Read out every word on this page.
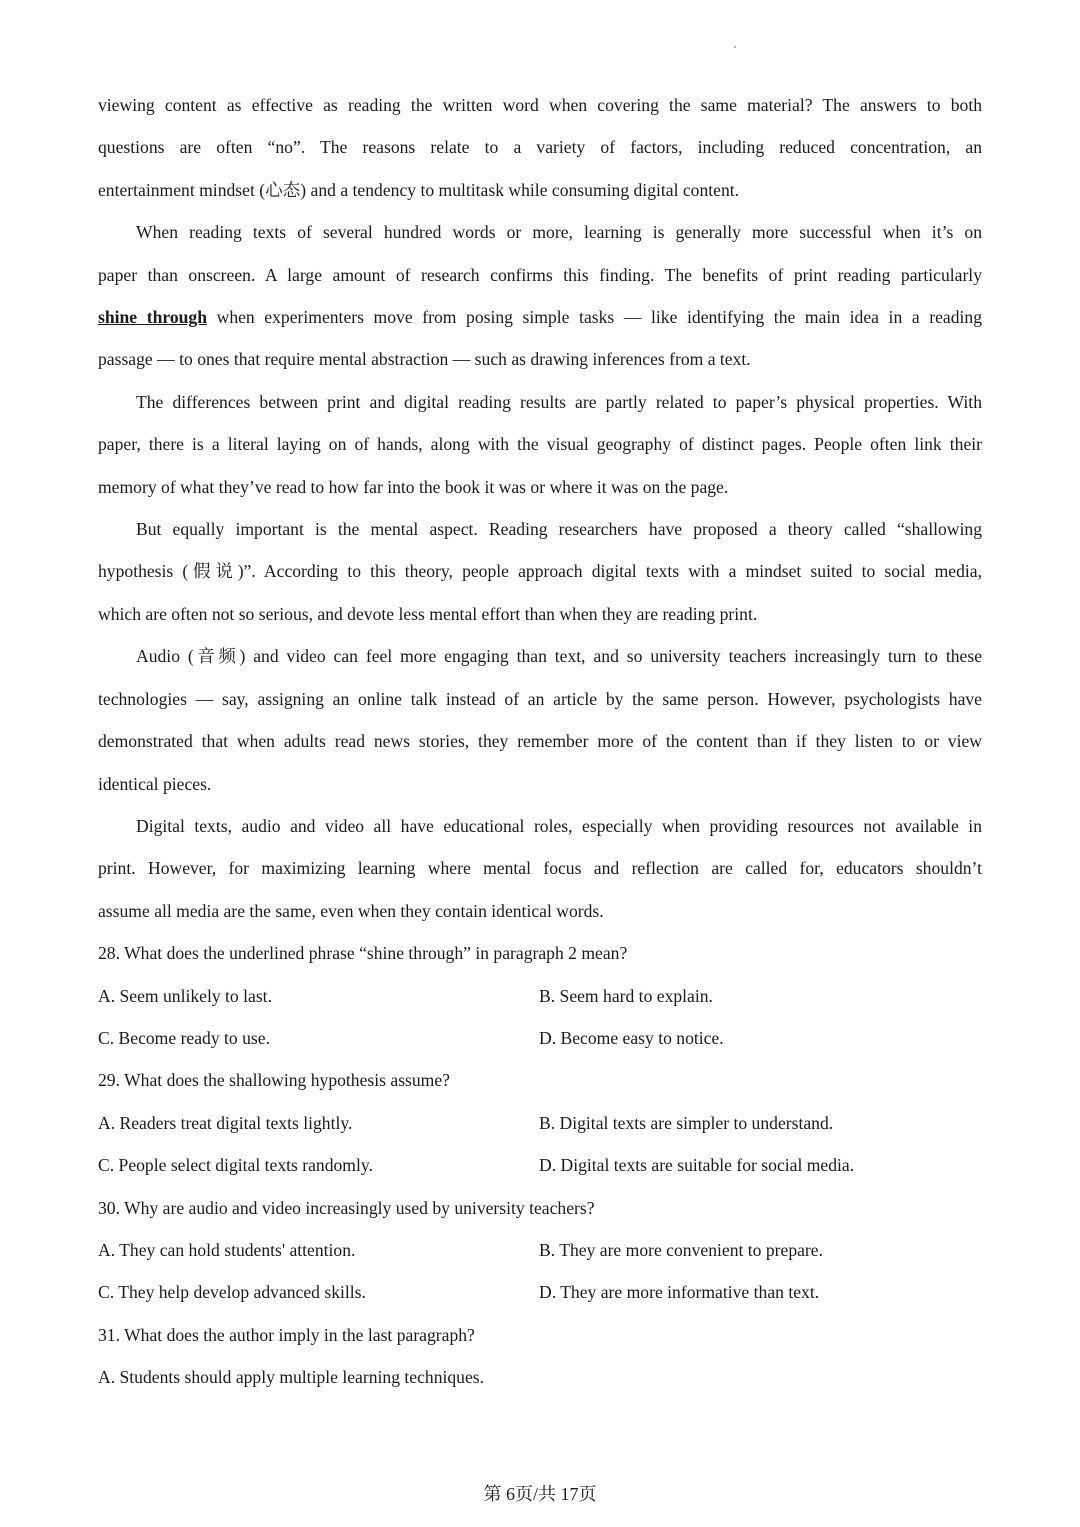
viewing content as effective as reading the written word when covering the same material? The answers to both
questions are often “no”. The reasons relate to a variety of factors, including reduced concentration, an
entertainment mindset (心态) and a tendency to multitask while consuming digital content.
When reading texts of several hundred words or more, learning is generally more successful when it’s on
paper than onscreen. A large amount of research confirms this finding. The benefits of print reading particularly
shine through when experimenters move from posing simple tasks — like identifying the main idea in a reading
passage — to ones that require mental abstraction — such as drawing inferences from a text.
The differences between print and digital reading results are partly related to paper’s physical properties. With
paper, there is a literal laying on of hands, along with the visual geography of distinct pages. People often link their
memory of what they’ve read to how far into the book it was or where it was on the page.
But equally important is the mental aspect. Reading researchers have proposed a theory called “shallowing
hypothesis (假说)”. According to this theory, people approach digital texts with a mindset suited to social media,
which are often not so serious, and devote less mental effort than when they are reading print.
Audio (音频) and video can feel more engaging than text, and so university teachers increasingly turn to these
technologies — say, assigning an online talk instead of an article by the same person. However, psychologists have
demonstrated that when adults read news stories, they remember more of the content than if they listen to or view
identical pieces.
Digital texts, audio and video all have educational roles, especially when providing resources not available in
print. However, for maximizing learning where mental focus and reflection are called for, educators shouldn’t
assume all media are the same, even when they contain identical words.
28. What does the underlined phrase “shine through” in paragraph 2 mean?
A. Seem unlikely to last.	B. Seem hard to explain.
C. Become ready to use.	D. Become easy to notice.
29. What does the shallowing hypothesis assume?
A. Readers treat digital texts lightly.	B. Digital texts are simpler to understand.
C. People select digital texts randomly.	D. Digital texts are suitable for social media.
30. Why are audio and video increasingly used by university teachers?
A. They can hold students' attention.	B. They are more convenient to prepare.
C. They help develop advanced skills.	D. They are more informative than text.
31. What does the author imply in the last paragraph?
A. Students should apply multiple learning techniques.
第 6页/共 17页
